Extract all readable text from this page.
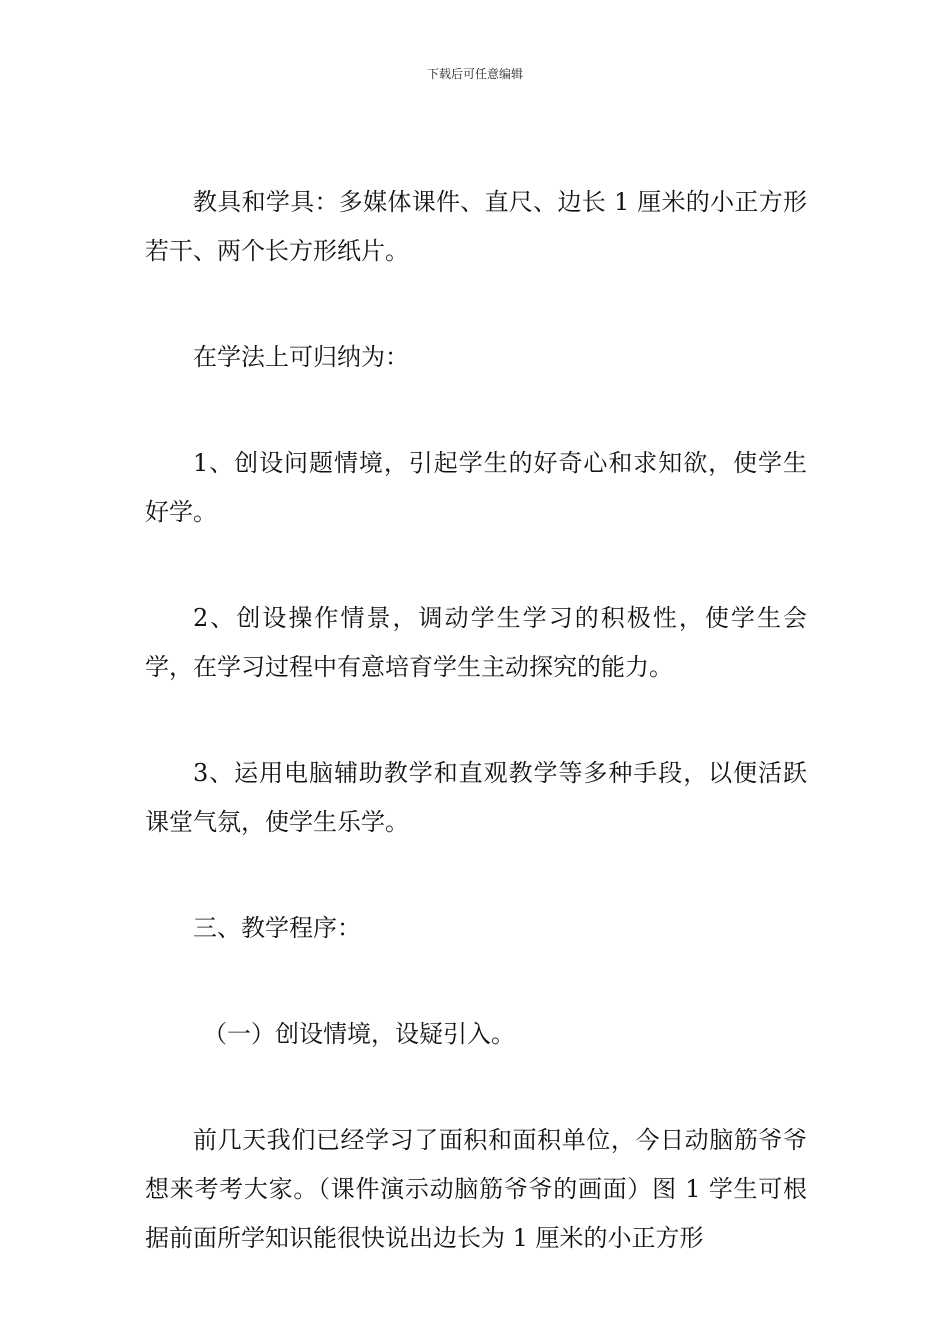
下载后可任意编辑

教具和学具：多媒体课件、直尺、边长 1 厘米的小正方形若干、两个长方形纸片。

在学法上可归纳为：

1、创设问题情境，引起学生的好奇心和求知欲，使学生好学。

2、创设操作情景，调动学生学习的积极性，使学生会学，在学习过程中有意培育学生主动探究的能力。

3、运用电脑辅助教学和直观教学等多种手段，以便活跃课堂气氛，使学生乐学。

三、教学程序：

（一）创设情境，设疑引入。

前几天我们已经学习了面积和面积单位，今日动脑筋爷爷想来考考大家。（课件演示动脑筋爷爷的画面）图 1 学生可根据前面所学知识能很快说出边长为 1 厘米的小正方形
